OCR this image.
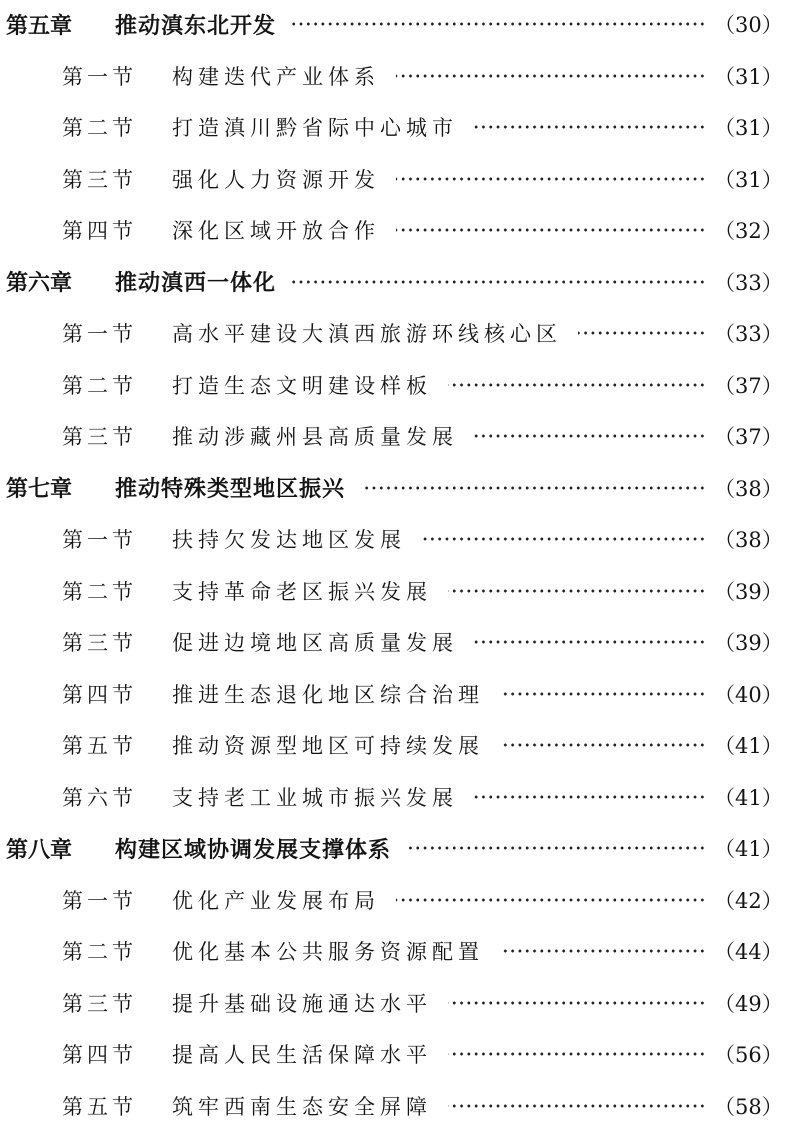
第五章	推动滇东北开发	（30）
第一节	构建迭代产业体系	（31）
第二节	打造滇川黔省际中心城市	（31）
第三节	强化人力资源开发	（31）
第四节	深化区域开放合作	（32）
第六章	推动滇西一体化	（33）
第一节	高水平建设大滇西旅游环线核心区	（33）
第二节	打造生态文明建设样板	（37）
第三节	推动涉藏州县高质量发展	（37）
第七章	推动特殊类型地区振兴	（38）
第一节	扶持欠发达地区发展	（38）
第二节	支持革命老区振兴发展	（39）
第三节	促进边境地区高质量发展	（39）
第四节	推进生态退化地区综合治理	（40）
第五节	推动资源型地区可持续发展	（41）
第六节	支持老工业城市振兴发展	（41）
第八章	构建区域协调发展支撑体系	（41）
第一节	优化产业发展布局	（42）
第二节	优化基本公共服务资源配置	（44）
第三节	提升基础设施通达水平	（49）
第四节	提高人民生活保障水平	（56）
第五节	筑牢西南生态安全屏障	（58）
